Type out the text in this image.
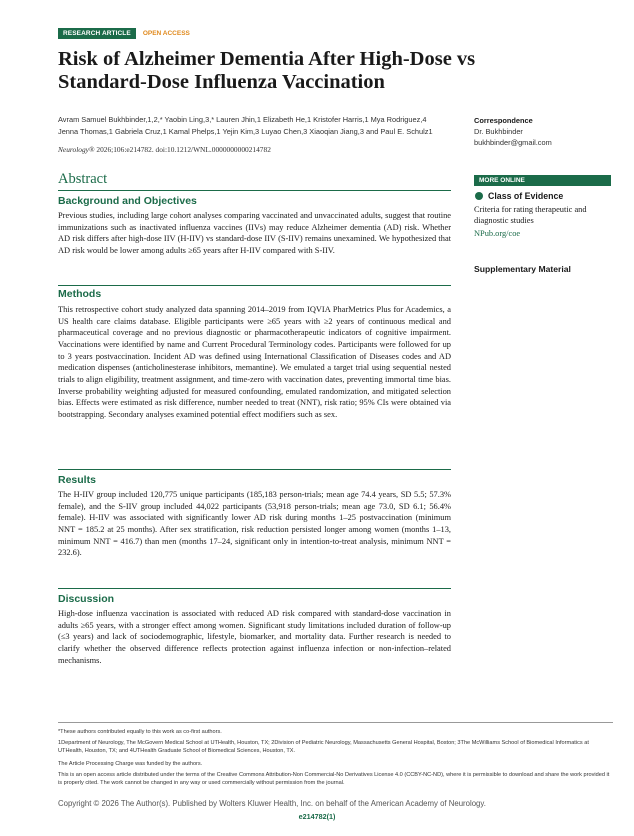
RESEARCH ARTICLE	OPEN ACCESS
Risk of Alzheimer Dementia After High-Dose vs Standard-Dose Influenza Vaccination
Avram Samuel Bukhbinder,1,2,* Yaobin Ling,3,* Lauren Jhin,1 Elizabeth He,1 Kristofer Harris,1 Mya Rodriguez,4
Jenna Thomas,1 Gabriela Cruz,1 Kamal Phelps,1 Yejin Kim,3 Luyao Chen,3 Xiaoqian Jiang,3 and Paul E. Schulz1
Neurology® 2026;106:e214782. doi:10.1212/WNL.0000000000214782
Correspondence
Dr. Bukhbinder
bukhbinder@gmail.com
Abstract
Background and Objectives

Previous studies, including large cohort analyses comparing vaccinated and unvaccinated adults, suggest that routine immunizations such as inactivated influenza vaccines (IIVs) may reduce Alzheimer dementia (AD) risk. Whether AD risk differs after high-dose IIV (H-IIV) vs standard-dose IIV (S-IIV) remains unexamined. We hypothesized that AD risk would be lower among adults ≥65 years after H-IIV compared with S-IIV.

Methods

This retrospective cohort study analyzed data spanning 2014–2019 from IQVIA PharMetrics Plus for Academics, a US health care claims database. Eligible participants were ≥65 years with ≥2 years of continuous medical and pharmaceutical coverage and no previous diagnostic or pharmacotherapeutic indicators of cognitive impairment. Vaccinations were identified by name and Current Procedural Terminology codes. Participants were followed for up to 3 years postvaccination. Incident AD was defined using International Classification of Diseases codes and AD medication dispenses (anticholinesterase inhibitors, memantine). We emulated a target trial using sequential nested trials to align eligibility, treatment assignment, and time-zero with vaccination dates, preventing immortal time bias. Inverse probability weighting adjusted for measured confounding, emulated randomization, and mitigated selection bias. Effects were estimated as risk difference, number needed to treat (NNT), risk ratio; 95% CIs were obtained via bootstrapping. Secondary analyses examined potential effect modifiers such as sex.

Results

The H-IIV group included 120,775 unique participants (185,183 person-trials; mean age 74.4 years, SD 5.5; 57.3% female), and the S-IIV group included 44,022 participants (53,918 person-trials; mean age 73.0, SD 6.1; 56.4% female). H-IIV was associated with significantly lower AD risk during months 1–25 postvaccination (minimum NNT = 185.2 at 25 months). After sex stratification, risk reduction persisted longer among women (months 1–13, minimum NNT = 416.7) than men (months 17–24, significant only in intention-to-treat analysis, minimum NNT = 232.6).

Discussion

High-dose influenza vaccination is associated with reduced AD risk compared with standard-dose vaccination in adults ≥65 years, with a stronger effect among women. Significant study limitations included duration of follow-up (≤3 years) and lack of sociodemographic, lifestyle, biomarker, and mortality data. Further research is needed to clarify whether the observed difference reflects protection against influenza infection or non-infection–related mechanisms.

MORE ONLINE
Class of Evidence
Criteria for rating therapeutic and diagnostic studies
NPub.org/coe
Supplementary Material
*These authors contributed equally to this work as co-first authors.
1Department of Neurology, The McGovern Medical School at UTHealth, Houston, TX; 2Division of Pediatric Neurology, Massachusetts General Hospital, Boston; 3The McWilliams School of Biomedical Informatics at UTHealth, Houston, TX; and 4UTHealth Graduate School of Biomedical Sciences, Houston, TX.
The Article Processing Charge was funded by the authors.
This is an open access article distributed under the terms of the Creative Commons Attribution-Non Commercial-No Derivatives License 4.0 (CCBY-NC-ND), where it is permissible to download and share the work provided it is properly cited. The work cannot be changed in any way or used commercially without permission from the journal.
Copyright © 2026 The Author(s). Published by Wolters Kluwer Health, Inc. on behalf of the American Academy of Neurology.
e214782(1)
